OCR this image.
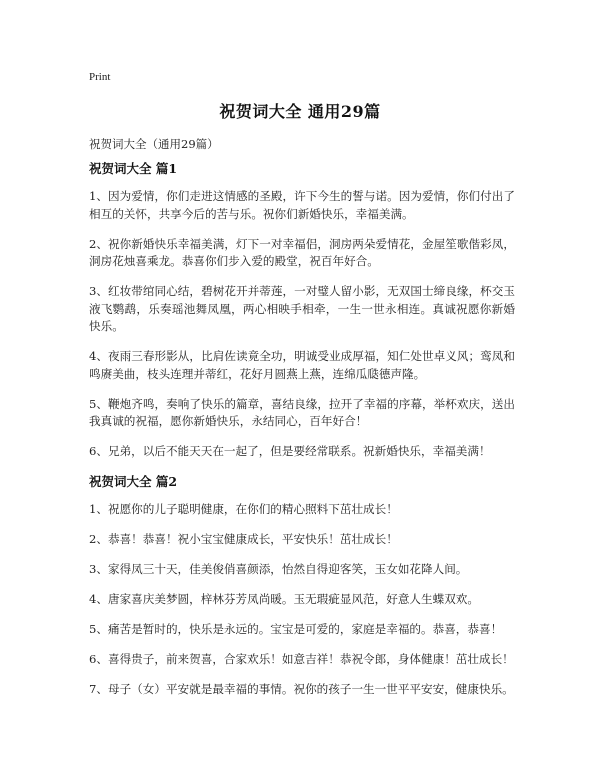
Print
祝贺词大全 通用29篇
祝贺词大全（通用29篇）
祝贺词大全 篇1

1、因为爱情，你们走进这情感的圣殿，许下今生的誓与诺。因为爱情，你们付出了相互的关怀，共享今后的苦与乐。祝你们新婚快乐，幸福美满。

2、祝你新婚快乐幸福美满，灯下一对幸福侣，洞房两朵爱情花，金屋笙歌偕彩凤，洞房花烛喜乘龙。恭喜你们步入爱的殿堂，祝百年好合。

3、红妆带绾同心结，碧树花开并蒂莲，一对璧人留小影，无双国士缔良缘，杯交玉液飞鹦鹉，乐奏瑶池舞凤凰，两心相映手相牵，一生一世永相连。真诚祝愿你新婚快乐。

4、夜雨三春形影从，比肩佐读竟全功，明诚受业成厚福，知仁处世卓义风；鸾凤和鸣赓美曲，枝头连理并蒂红，花好月圆燕上燕，连绵瓜瓞德声隆。

5、鞭炮齐鸣，奏响了快乐的篇章，喜结良缘，拉开了幸福的序幕，举杯欢庆，送出我真诚的祝福，愿你新婚快乐，永结同心，百年好合！

6、兄弟，以后不能天天在一起了，但是要经常联系。祝新婚快乐，幸福美满！

祝贺词大全 篇2

1、祝愿你的儿子聪明健康，在你们的精心照料下茁壮成长！

2、恭喜！恭喜！祝小宝宝健康成长，平安快乐！茁壮成长！

3、家得凤三十天，佳美俊俏喜颜添，怡然自得迎客笑，玉女如花降人间。

4、唐家喜庆美梦圆，梓林芬芳凤尚暖。玉无瑕疵显风范，好意人生蝶双欢。

5、痛苦是暂时的，快乐是永远的。宝宝是可爱的，家庭是幸福的。恭喜，恭喜！

6、喜得贵子，前来贺喜，合家欢乐！如意吉祥！恭祝令郎，身体健康！茁壮成长！

7、母子（女）平安就是最幸福的事情。祝你的孩子一生一世平平安安，健康快乐。
